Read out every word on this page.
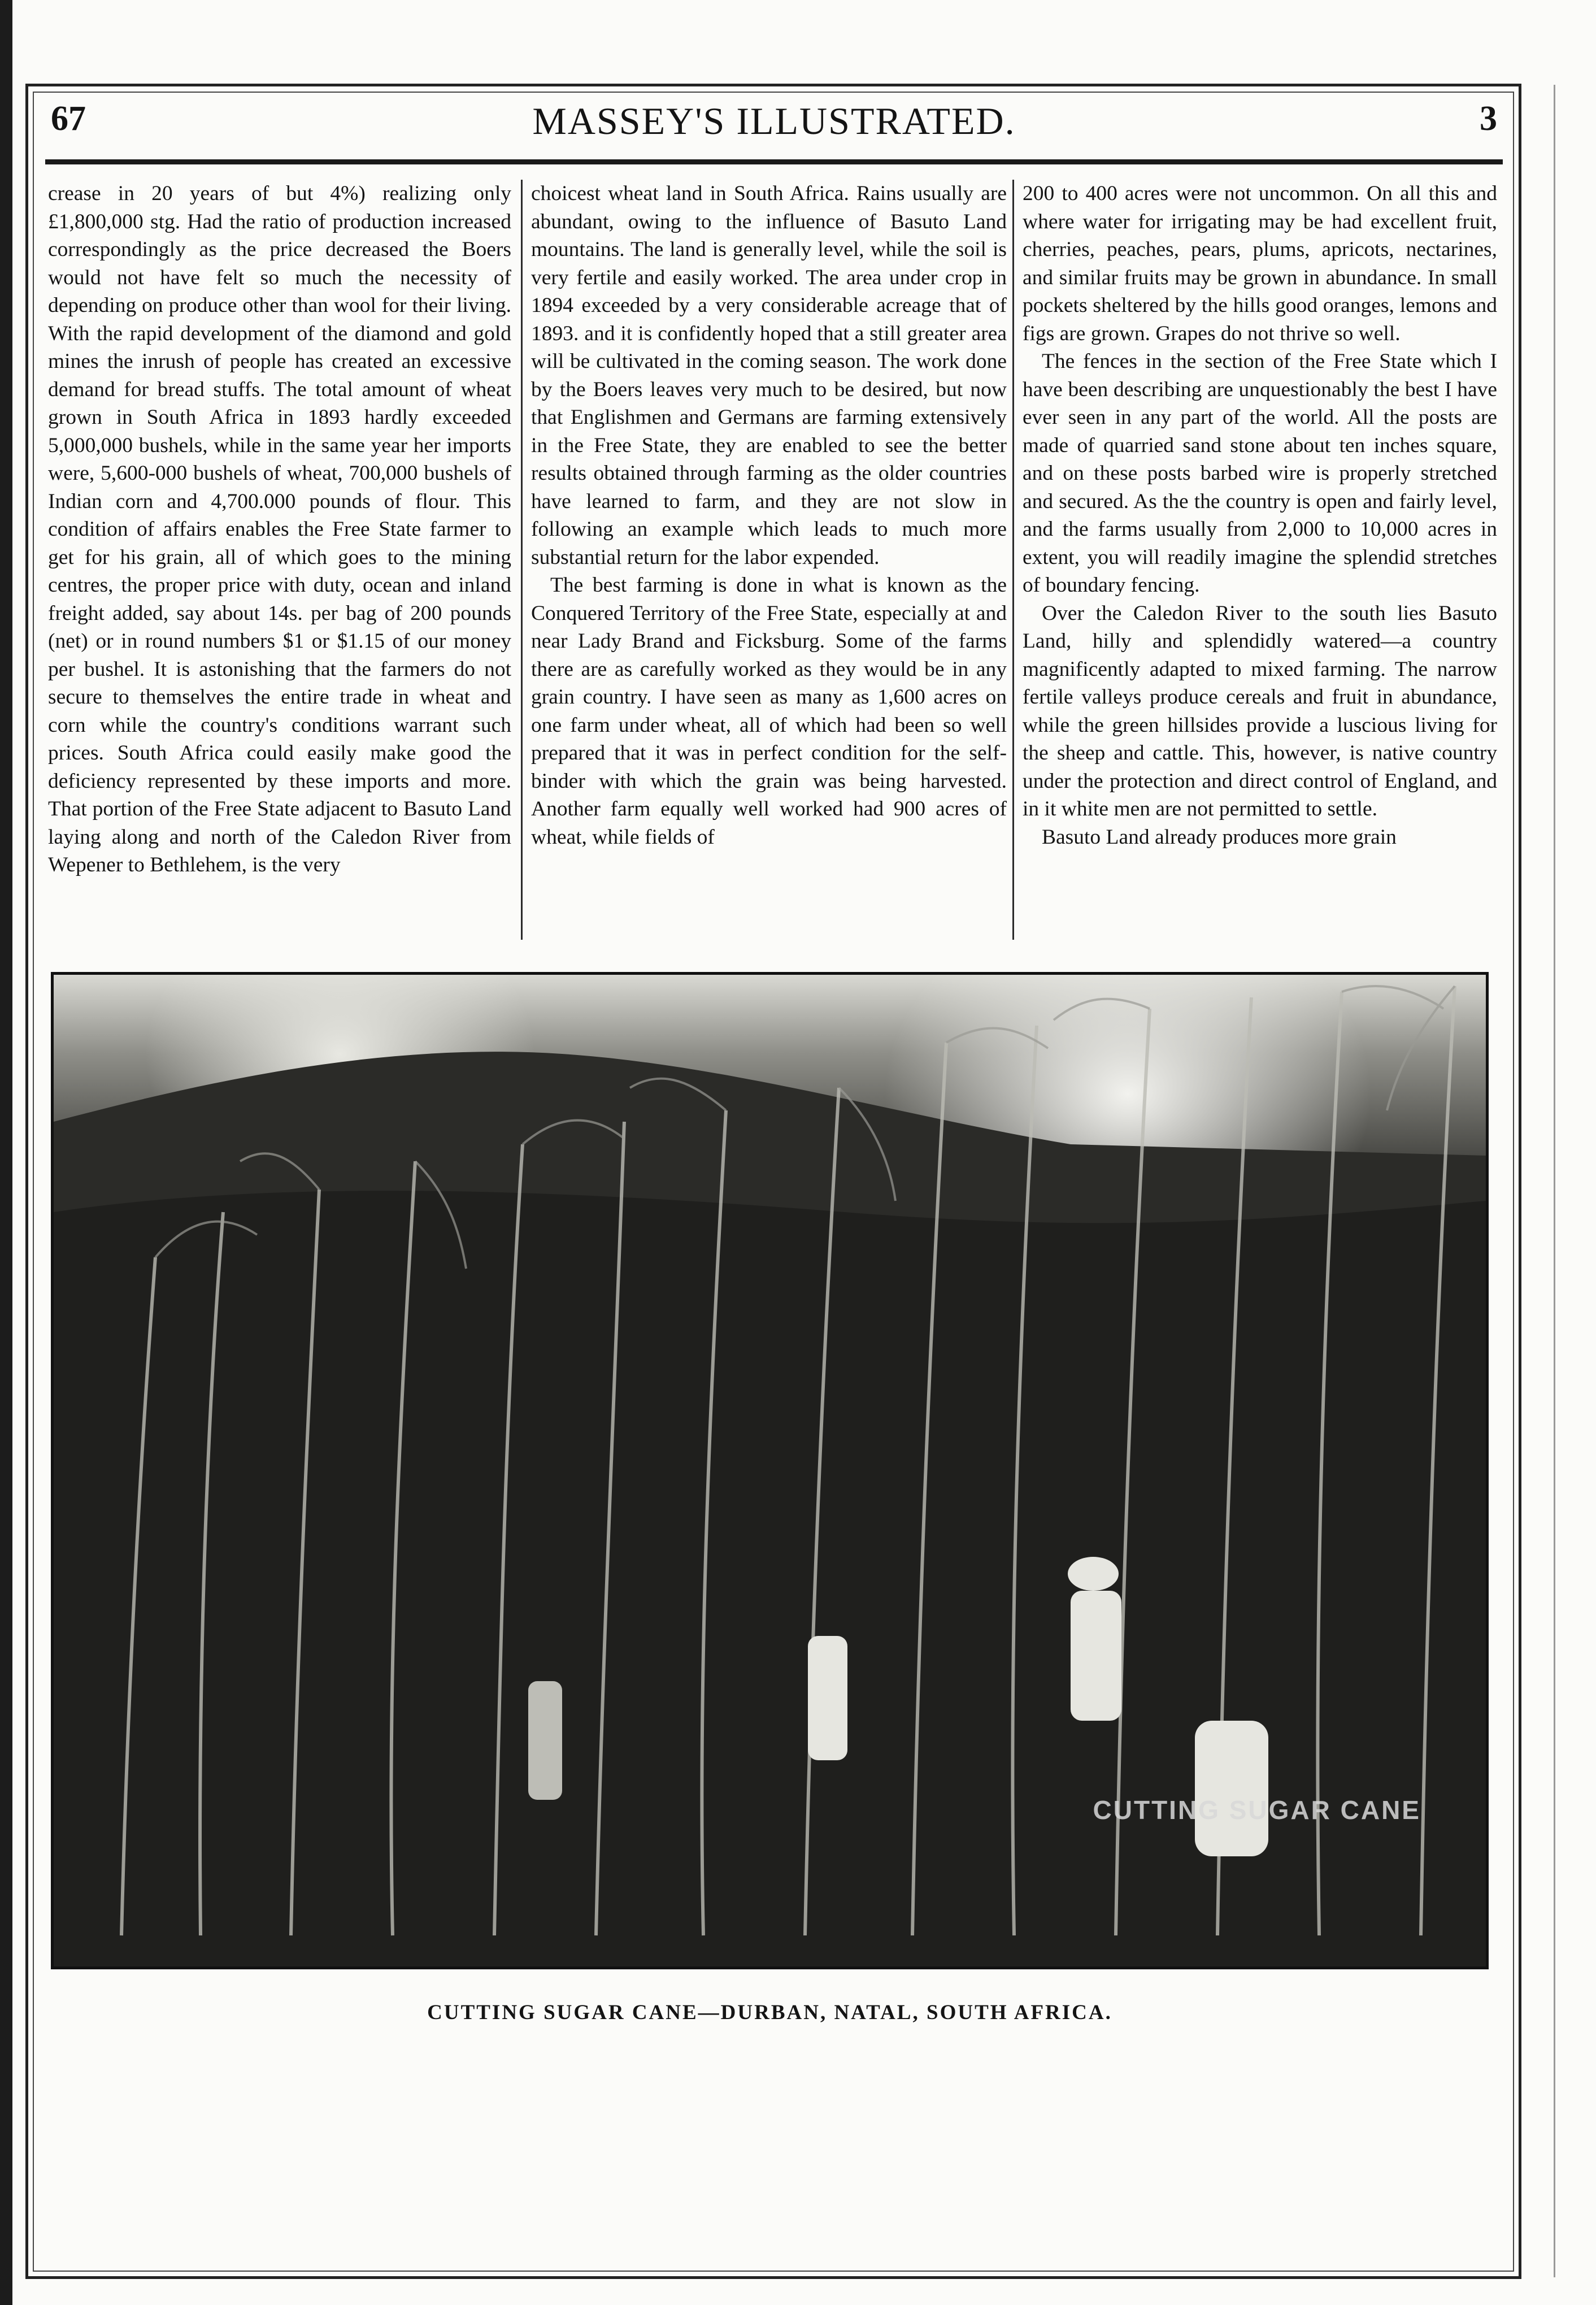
67	MASSEY'S ILLUSTRATED.	3

crease in 20 years of but 4%) realizing only £1,800,000 stg. Had the ratio of production increased correspondingly as the price decreased the Boers would not have felt so much the necessity of depending on produce other than wool for their living. With the rapid development of the diamond and gold mines the inrush of people has created an excessive demand for bread stuffs. The total amount of wheat grown in South Africa in 1893 hardly exceeded 5,000,000 bushels, while in the same year her imports were, 5,600-000 bushels of wheat, 700,000 bushels of Indian corn and 4,700.000 pounds of flour. This condition of affairs enables the Free State farmer to get for his grain, all of which goes to the mining centres, the proper price with duty, ocean and inland freight added, say about 14s. per bag of 200 pounds (net) or in round numbers $1 or $1.15 of our money per bushel. It is astonishing that the farmers do not secure to themselves the entire trade in wheat and corn while the country's conditions warrant such prices. South Africa could easily make good the deficiency represented by these imports and more. That portion of the Free State adjacent to Basuto Land laying along and north of the Caledon River from Wepener to Bethlehem, is the very

choicest wheat land in South Africa. Rains usually are abundant, owing to the influence of Basuto Land mountains. The land is generally level, while the soil is very fertile and easily worked. The area under crop in 1894 exceeded by a very considerable acreage that of 1893. and it is confidently hoped that a still greater area will be cultivated in the coming season. The work done by the Boers leaves very much to be desired, but now that Englishmen and Germans are farming extensively in the Free State, they are enabled to see the better results obtained through farming as the older countries have learned to farm, and they are not slow in following an example which leads to much more substantial return for the labor expended.

The best farming is done in what is known as the Conquered Territory of the Free State, especially at and near Lady Brand and Ficksburg. Some of the farms there are as carefully worked as they would be in any grain country. I have seen as many as 1,600 acres on one farm under wheat, all of which had been so well prepared that it was in perfect condition for the self-binder with which the grain was being harvested. Another farm equally well worked had 900 acres of wheat, while fields of

200 to 400 acres were not uncommon. On all this and where water for irrigating may be had excellent fruit, cherries, peaches, pears, plums, apricots, nectarines, and similar fruits may be grown in abundance. In small pockets sheltered by the hills good oranges, lemons and figs are grown. Grapes do not thrive so well.

The fences in the section of the Free State which I have been describing are unquestionably the best I have ever seen in any part of the world. All the posts are made of quarried sand stone about ten inches square, and on these posts barbed wire is properly stretched and secured. As the the country is open and fairly level, and the farms usually from 2,000 to 10,000 acres in extent, you will readily imagine the splendid stretches of boundary fencing.

Over the Caledon River to the south lies Basuto Land, hilly and splendidly watered—a country magnificently adapted to mixed farming. The narrow fertile valleys produce cereals and fruit in abundance, while the green hillsides provide a luscious living for the sheep and cattle. This, however, is native country under the protection and direct control of England, and in it white men are not permitted to settle.

Basuto Land already produces more grain

CUTTING SUGAR CANE
CUTTING SUGAR CANE—DURBAN, NATAL, SOUTH AFRICA.
